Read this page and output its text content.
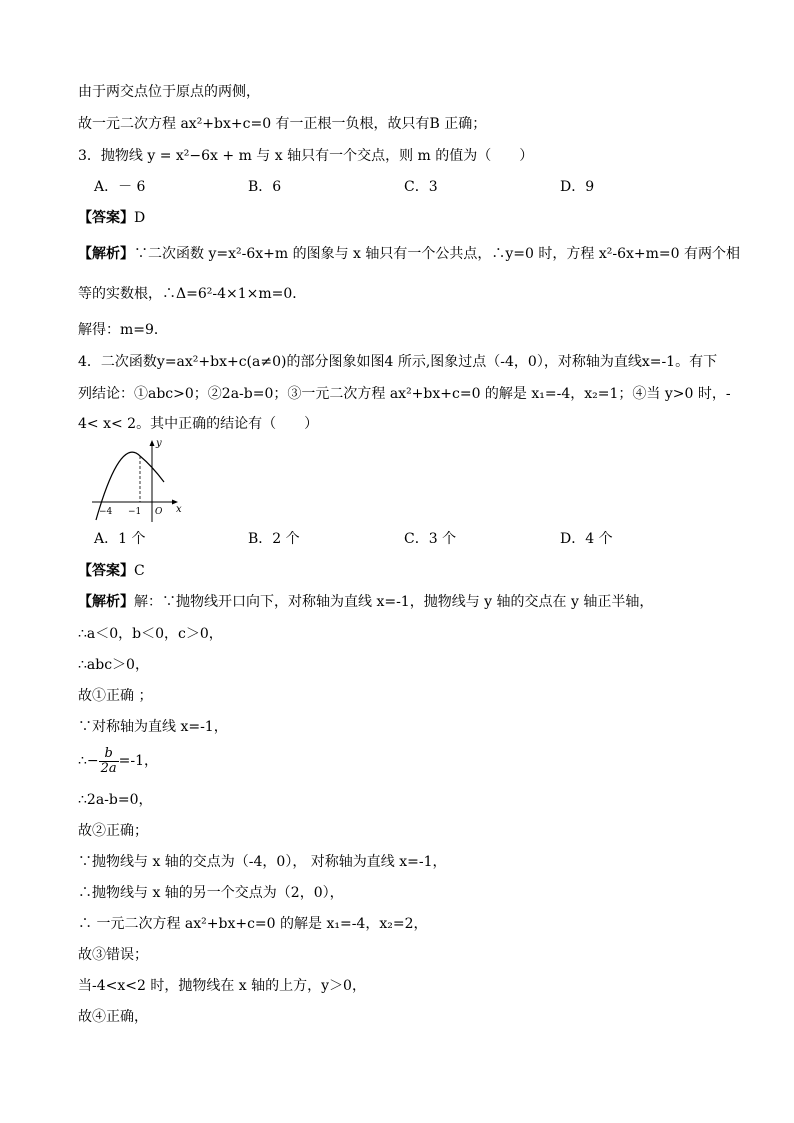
由于两交点位于原点的两侧，
故一元二次方程 ax²+bx+c=0 有一正根一负根，故只有B 正确；
3．抛物线 y = x²−6x + m 与 x 轴只有一个交点，则 m 的值为（　　）
A．－ 6	B．6	C．3	D．9
【答案】D
【解析】∵二次函数 y=x²-6x+m 的图象与 x 轴只有一个公共点，∴y=0 时，方程 x²-6x+m=0 有两个相
等的实数根，∴Δ=6²-4×1×m=0．
解得：m=9．
4．二次函数y=ax²+bx+c(a≠0)的部分图象如图4 所示,图象过点（-4，0），对称轴为直线x=-1。有下
列结论：①abc>0；②2a-b=0；③一元二次方程 ax²+bx+c=0 的解是 x₁=-4，x₂=1；④当 y>0 时，-
4< x< 2。其中正确的结论有（　　）
y
x
−4 −1 O
A．1 个	B．2 个	C．3 个	D．4 个
【答案】C
【解析】解：∵抛物线开口向下，对称轴为直线 x=-1，抛物线与 y 轴的交点在 y 轴正半轴，
∴a＜0，b＜0，c＞0，
∴abc＞0，
故①正确 ；
∵对称轴为直线 x=-1，
∴− $\frac{b}{2a} =-1$，
∴2a-b=0，
故②正确；
∵抛物线与 x 轴的交点为（-4，0）， 对称轴为直线 x=-1，
∴抛物线与 x 轴的另一个交点为（2，0），
∴ 一元二次方程 ax²+bx+c=0 的解是 x₁=-4，x₂=2，
故③错误；
当-4<x<2 时，抛物线在 x 轴的上方，y＞0，
故④正确，
